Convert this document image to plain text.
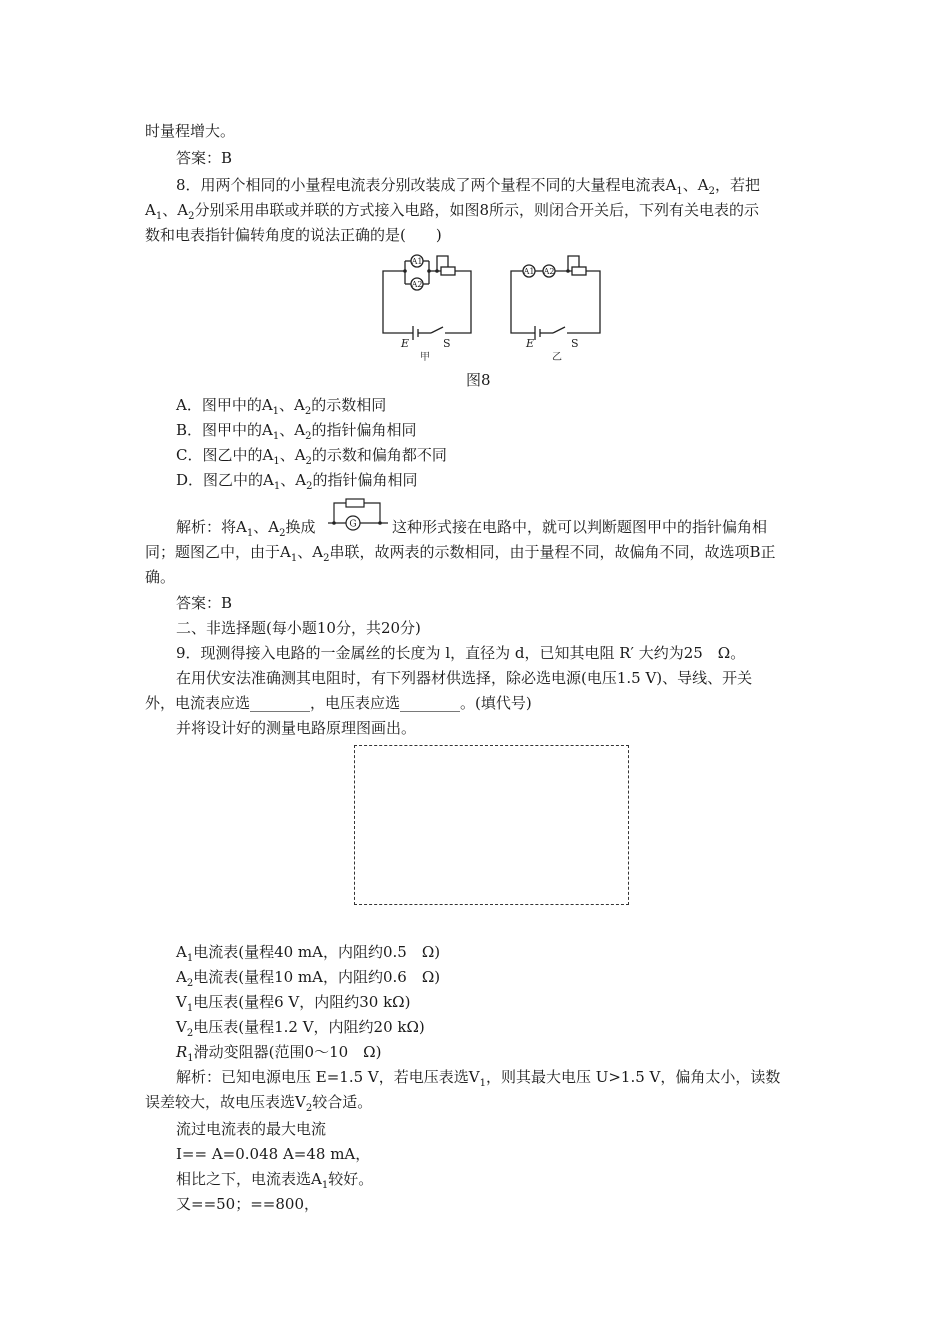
时量程增大。
答案：B
8．用两个相同的小量程电流表分别改装成了两个量程不同的大量程电流表$A_1$、$A_2$，若把
$A_1$、$A_2$分别采用串联或并联的方式接入电路，如图8所示，则闭合开关后，下列有关电表的示
数和电表指针偏转角度的说法正确的是(　　)
A1
A2
A1 A2
E	S
甲
E	S
乙
图8
A．图甲中的$A_1$、$A_2$的示数相同
B．图甲中的$A_1$、$A_2$的指针偏角相同
C．图乙中的$A_1$、$A_2$的示数和偏角都不同
D．图乙中的$A_1$、$A_2$的指针偏角相同
解析：将$A_1$、$A_2$换成	G 这种形式接在电路中，就可以判断题图甲中的指针偏角相
同；题图乙中，由于$A_1$、$A_2$串联，故两表的示数相同，由于量程不同，故偏角不同，故选项B正
确。
答案：B
二、非选择题(每小题10分，共20分)
9．现测得接入电路的一金属丝的长度为 l，直径为 d，已知其电阻 R′ 大约为25　Ω。
在用伏安法准确测其电阻时，有下列器材供选择，除必选电源(电压1.5 V)、导线、开关
外，电流表应选________，电压表应选________。(填代号)
并将设计好的测量电路原理图画出。
$A_1$电流表(量程40 mA，内阻约0.5　Ω)
$A_2$电流表(量程10 mA，内阻约0.6　Ω)
$V_1$电压表(量程6 V，内阻约30 kΩ)
$V_2$电压表(量程1.2 V，内阻约20 kΩ)
$R_1$滑动变阻器(范围0～10　Ω)
解析：已知电源电压 E=1.5 V，若电压表选$V_1$，则其最大电压 U>1.5 V，偏角太小，读数
误差较大，故电压表选$V_2$较合适。
流过电流表的最大电流
I== A=0.048 A=48 mA，
相比之下，电流表选$A_1$较好。
又==50；==800，
